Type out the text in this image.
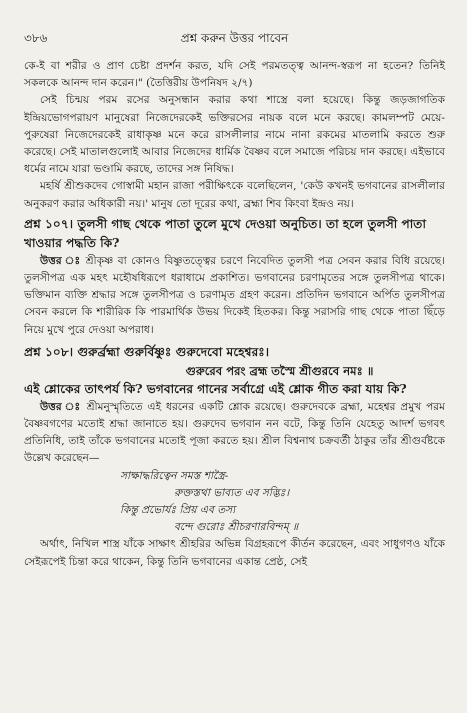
৩৮৬	প্রশ্ন করুন উত্তর পাবেন

কে-ই বা শরীর ও প্রাণ চেষ্টা প্রদর্শন করত, যদি সেই পরমতত্ত্ব আনন্দ-স্বরূপ না হতেন? তিনিই সকলকে আনন্দ দান করেন।" (তৈত্তিরীয় উপনিষদ ২/৭)

সেই চিন্ময় পরম রসের অনুসন্ধান করার কথা শাস্ত্রে বলা হয়েছে। কিন্তু জড়জাগতিক ইন্দ্রিয়ভোগপরায়ণ মানুষেরা নিজেদেরকেই ভক্তিরসের নায়ক বলে মনে করছে। কামলম্পট মেয়ে-পুরুষেরা নিজেদেরকেই রাধাকৃষ্ণ মনে করে রাসলীলার নামে নানা রকমের মাতলামি করতে শুরু করেছে। সেই মাতালগুলোই আবার নিজেদের ধার্মিক বৈষ্ণব বলে সমাজে পরিচয় দান করছে। এইভাবে ধর্মের নামে যারা ভণ্ডামি করছে, তাদের সঙ্গ নিষিদ্ধ।

মহর্ষি শ্রীশুকদেব গোস্বামী মহান রাজা পরীক্ষিৎকে বলেছিলেন, 'কেউ কখনই ভগবানের রাসলীলার অনুকরণ করার অধিকারী নয়।' মানুষ তো দূরের কথা, ব্রহ্মা শিব কিংবা ইন্দ্রও নয়।

প্রশ্ন ১০৭। তুলসী গাছ থেকে পাতা তুলে মুখে দেওয়া অনুচিত। তা হলে তুলসী পাতা খাওয়ার পদ্ধতি কি?

উত্তর ঃ শ্রীকৃষ্ণ বা কোনও বিষ্ণুতত্ত্বের চরণে নিবেদিত তুলসী পত্র সেবন করার বিধি রয়েছে। তুলসীপত্র এক মহৎ মহৌষধিরূপে ধরাধামে প্রকাশিত। ভগবানের চরণামৃতের সঙ্গে তুলসীপত্র থাকে। ভক্তিমান ব্যক্তি শ্রদ্ধার সঙ্গে তুলসীপত্র ও চরণামৃত গ্রহণ করেন। প্রতিদিন ভগবানে অর্পিত তুলসীপত্র সেবন করলে কি শারীরিক কি পারমার্থিক উভয় দিকেই হিতকর। কিন্তু সরাসরি গাছ থেকে পাতা ছিঁড়ে নিয়ে মুখে পুরে দেওয়া অপরাধ।

প্রশ্ন ১০৮। গুরুর্ব্রহ্মা গুরুর্বিষ্ণুঃ গুরুদেবো মহেশ্বরঃ।

গুরুরেব পরং ব্রহ্ম তস্মৈ শ্রীগুরবে নমঃ ॥

এই শ্লোকের তাৎপর্য কি? ভগবানের গানের সর্বাগ্রে এই শ্লোক গীত করা যায় কি?

উত্তর ঃ শ্রীমনুস্মৃতিতে এই ধরনের একটি শ্লোক রয়েছে। গুরুদেবকে ব্রহ্মা, মহেশ্বর প্রমুখ পরম বৈষ্ণবগণের মতোই শ্রদ্ধা জানাতে হয়। গুরুদেব ভগবান নন বটে, কিন্তু তিনি যেহেতু আদর্শ ভগবৎ প্রতিনিধি, তাই তাঁকে ভগবানের মতোই পূজা করতে হয়। শ্রীল বিশ্বনাথ চক্রবর্তী ঠাকুর তাঁর শ্রীগুর্বষ্টকে উল্লেখ করেছেন—

সাক্ষাদ্ধরিত্বেন সমস্ত শাস্ত্রৈ-

রুক্তস্তথা ভাব্যত এব সদ্ভিঃ।

কিন্তু প্রভোর্যঃ প্রিয় এব তস্য

বন্দে গুরোঃ শ্রীচরণারবিন্দম্ ॥

অর্থাৎ, নিখিল শাস্ত্র যাঁকে সাক্ষাৎ শ্রীহরির অভিন্ন বিগ্রহরূপে কীর্তন করেছেন, এবং সাধুগণও যাঁকে সেইরূপেই চিন্তা করে থাকেন, কিন্তু তিনি ভগবানের একান্ত প্রেষ্ঠ, সেই
